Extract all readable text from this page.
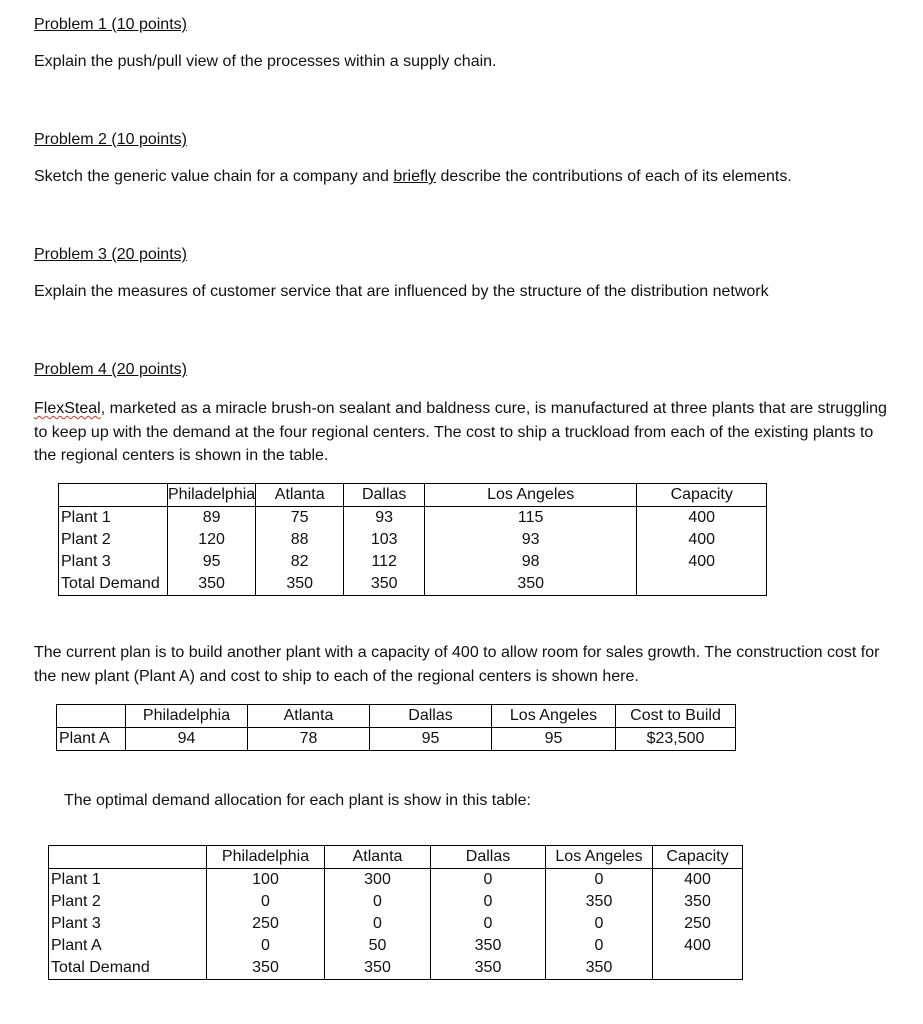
Problem 1 (10 points)
Explain the push/pull view of the processes within a supply chain.
Problem 2 (10 points)
Sketch the generic value chain for a company and briefly describe the contributions of each of its elements.
Problem 3 (20 points)
Explain the measures of customer service that are influenced by the structure of the distribution network
Problem 4 (20 points)
FlexSteal, marketed as a miracle brush-on sealant and baldness cure, is manufactured at three plants that are struggling to keep up with the demand at the four regional centers. The cost to ship a truckload from each of the existing plants to the regional centers is shown in the table.
	Philadelphia	Atlanta	Dallas	Los Angeles	Capacity
Plant 1	89	75	93	115	400
Plant 2	120	88	103	93	400
Plant 3	95	82	112	98	400
Total Demand	350	350	350	350	
The current plan is to build another plant with a capacity of 400 to allow room for sales growth. The construction cost for the new plant (Plant A) and cost to ship to each of the regional centers is shown here.
	Philadelphia	Atlanta	Dallas	Los Angeles	Cost to Build
Plant A	94	78	95	95	$23,500
The optimal demand allocation for each plant is show in this table:
	Philadelphia	Atlanta	Dallas	Los Angeles	Capacity
Plant 1	100	300	0	0	400
Plant 2	0	0	0	350	350
Plant 3	250	0	0	0	250
Plant A	0	50	350	0	400
Total Demand	350	350	350	350	
